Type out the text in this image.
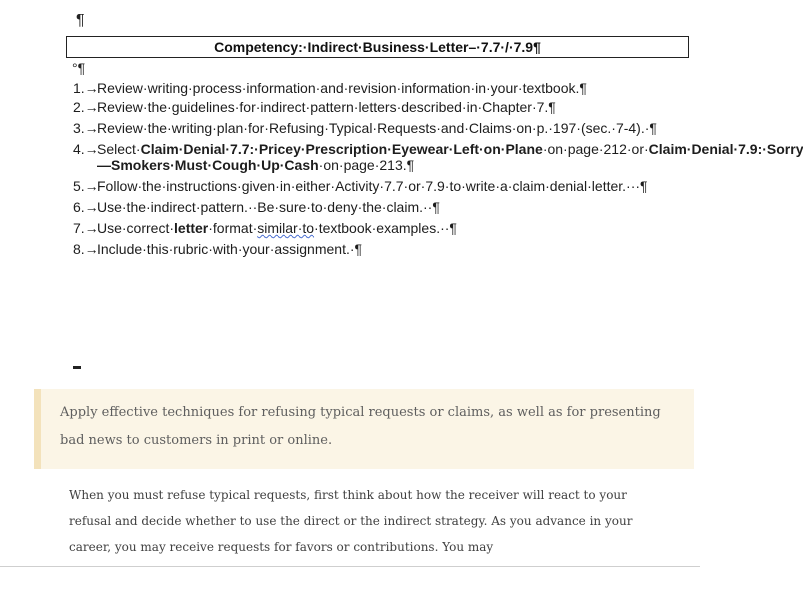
¶
Competency:·Indirect·Business·Letter–·7.7·/·7.9¶
°¶
1.→
Review·writing·process·information·and·revision·information·in·your·textbook.¶
2.→
Review·the·guidelines·for·indirect·pattern·letters·described·in·Chapter·7.¶
3.→
Review·the·writing·plan·for·Refusing·Typical·Requests·and·Claims·on·p.·197·(sec.·7-4).·¶
4.→
Select·Claim·Denial·7.7:·Pricey·Prescription·Eyewear·Left·on·Plane·on·page·212·or·Claim·Denial·7.9:·Sorry—Smokers·Must·Cough·Up·Cash·on·page·213.¶
5.→
Follow·the·instructions·given·in·either·Activity·7.7·or·7.9·to·write·a·claim·denial·letter.···¶
6.→
Use·the·indirect·pattern.··Be·sure·to·deny·the·claim.··¶
7.→
Use·correct·letter·format·similar·to·textbook·examples.··¶
8.→
Include·this·rubric·with·your·assignment.·¶
Apply effective techniques for refusing typical requests or claims, as well as for presenting bad news to customers in print or online.
When you must refuse typical requests, first think about how the receiver will react to your refusal and decide whether to use the direct or the indirect strategy. As you advance in your career, you may receive requests for favors or contributions. You may
